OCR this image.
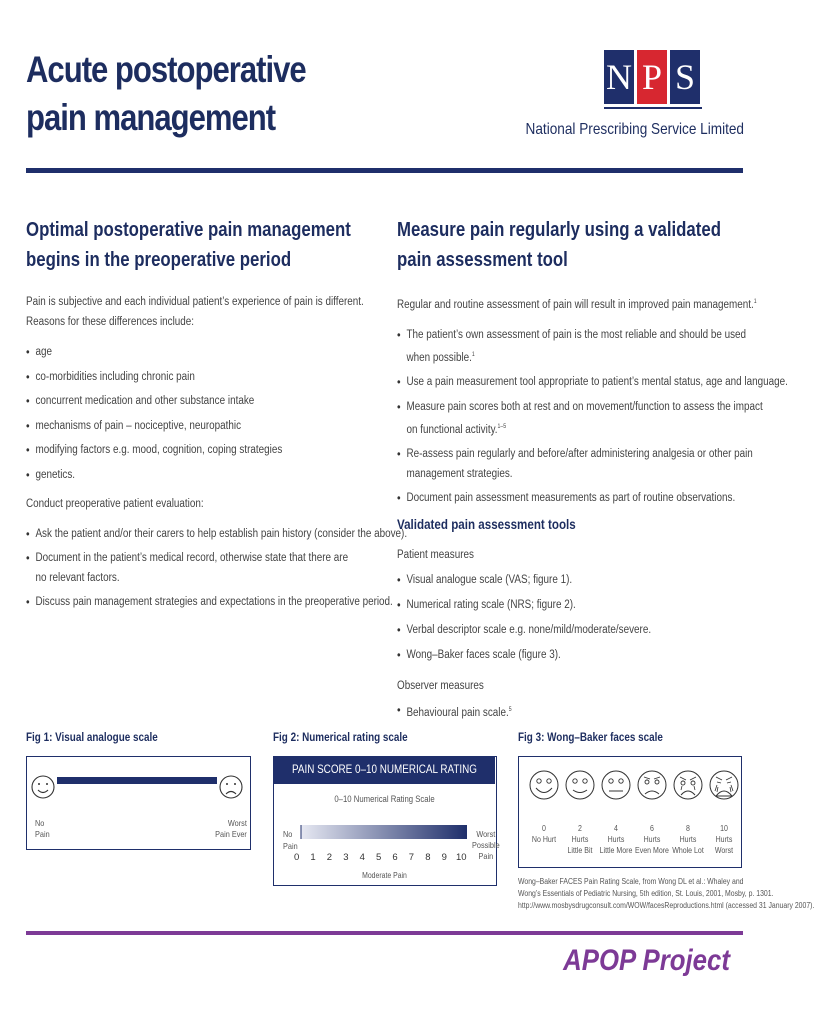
Acute postoperative
pain management
N P S
National Prescribing Service Limited
Optimal postoperative pain management
begins in the preoperative period
Pain is subjective and each individual patient’s experience of pain is different.
Reasons for these differences include:
• age
• co-morbidities including chronic pain
• concurrent medication and other substance intake
• mechanisms of pain – nociceptive, neuropathic
• modifying factors e.g. mood, cognition, coping strategies
• genetics.
Conduct preoperative patient evaluation:
• Ask the patient and/or their carers to help establish pain history (consider the above).
• Document in the patient’s medical record, otherwise state that there are
no relevant factors.
• Discuss pain management strategies and expectations in the preoperative period.
Measure pain regularly using a validated
pain assessment tool
Regular and routine assessment of pain will result in improved pain management.$^1$
• The patient’s own assessment of pain is the most reliable and should be used
when possible.$^1$
• Use a pain measurement tool appropriate to patient’s mental status, age and language.
• Measure pain scores both at rest and on movement/function to assess the impact
on functional activity.$^{1-5}$
• Re-assess pain regularly and before/after administering analgesia or other pain
management strategies.
• Document pain assessment measurements as part of routine observations.
Validated pain assessment tools
Patient measures
• Visual analogue scale (VAS; figure 1).
• Numerical rating scale (NRS; figure 2).
• Verbal descriptor scale e.g. none/mild/moderate/severe.
• Wong–Baker faces scale (figure 3).
Observer measures
• Behavioural pain scale.$^5$
Fig 1: Visual analogue scale
No
Pain
Worst
Pain Ever
Fig 2: Numerical rating scale
PAIN SCORE 0–10 NUMERICAL RATING
0–10 Numerical Rating Scale
No
Pain
Worst
Possible
Pain
0 1 2 3 4 5 6 7 8 9 10
Moderate Pain
Fig 3: Wong–Baker faces scale
0
No Hurt

2
Hurts
Little Bit
4
Hurts
Little More
6
Hurts
Even More
8
Hurts
Whole Lot
10
Hurts
Worst
Wong–Baker FACES Pain Rating Scale, from Wong DL et al.: Whaley and
Wong’s Essentials of Pediatric Nursing, 5th edition, St. Louis, 2001, Mosby, p. 1301.
http://www.mosbysdrugconsult.com/WOW/facesReproductions.html (accessed 31 January 2007).
APOP Project
